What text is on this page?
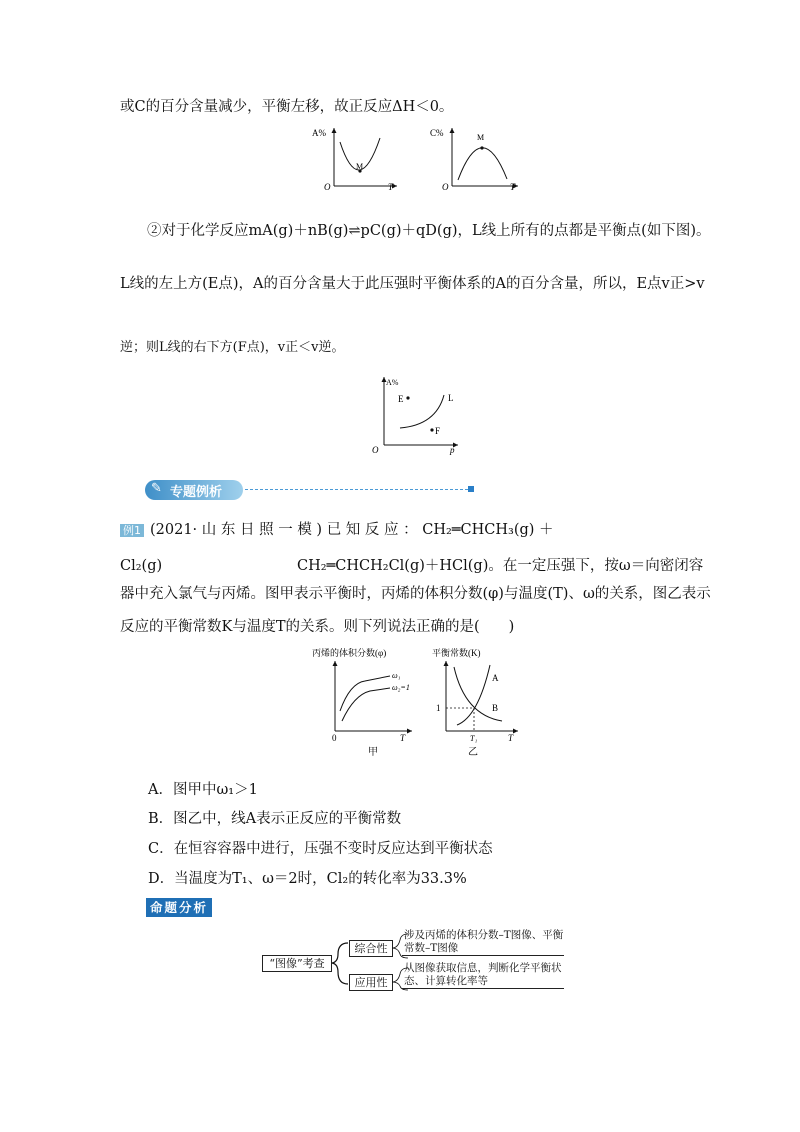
或C的百分含量减少，平衡左移，故正反应ΔH＜0。
A%
O	T
M
C%
O	T
M
②对于化学反应mA(g)＋nB(g)⇌pC(g)＋qD(g)，L线上所有的点都是平衡点(如下图)。
L线的左上方(E点)，A的百分含量大于此压强时平衡体系的A的百分含量，所以，E点v正>v
逆；则L线的右下方(F点)，v正＜v逆。
A%
O	p
E
F
L
✎ 专题例析
例1 (2021· 山 东 日 照 一 模 ) 已 知 反 应 ： CH₂═CHCH₃(g) ＋
Cl₂(g)	CH₂═CHCH₂Cl(g)＋HCl(g)。在一定压强下，按ω＝向密闭容
器中充入氯气与丙烯。图甲表示平衡时，丙烯的体积分数(φ)与温度(T)、ω的关系，图乙表示
反应的平衡常数K与温度T的关系。则下列说法正确的是(　　)
丙烯的体积分数(φ)
ω₁
ω₂=1
0	T
甲
平衡常数(K)
A
B
1
T₁	T
乙
A．图甲中ω₁＞1
B．图乙中，线A表示正反应的平衡常数
C．在恒容容器中进行，压强不变时反应达到平衡状态
D．当温度为T₁、ω＝2时，Cl₂的转化率为33.3%
命题分析
“图像”考查
综合性
应用性
涉及丙烯的体积分数–T图像、平衡常数–T图像
从图像获取信息，判断化学平衡状态、计算转化率等
